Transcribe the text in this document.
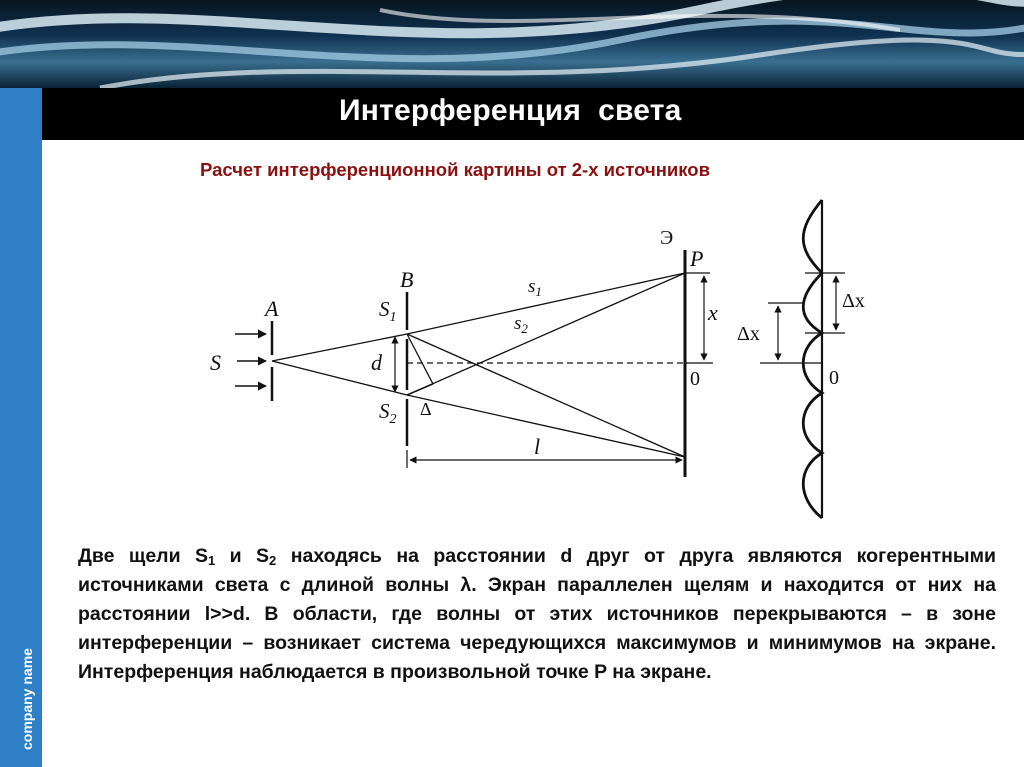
Интерференция  света
company name
Расчет интерференционной картины от 2-х источников
S
A
B
$S_1$
$S_2$
d
Δ
$s_1$
$s_2$
Э
P
x
0
l
Δx
Δx
0
Две щели $S_1$ и $S_2$ находясь на расстоянии d друг от друга являются когерентными источниками света с длиной волны λ. Экран параллелен щелям и находится от них на расстоянии l>>d. В области, где волны от этих источников перекрываются – в зоне интерференции – возникает система чередующихся максимумов и минимумов на экране. Интерференция наблюдается в произвольной точке P на экране.
